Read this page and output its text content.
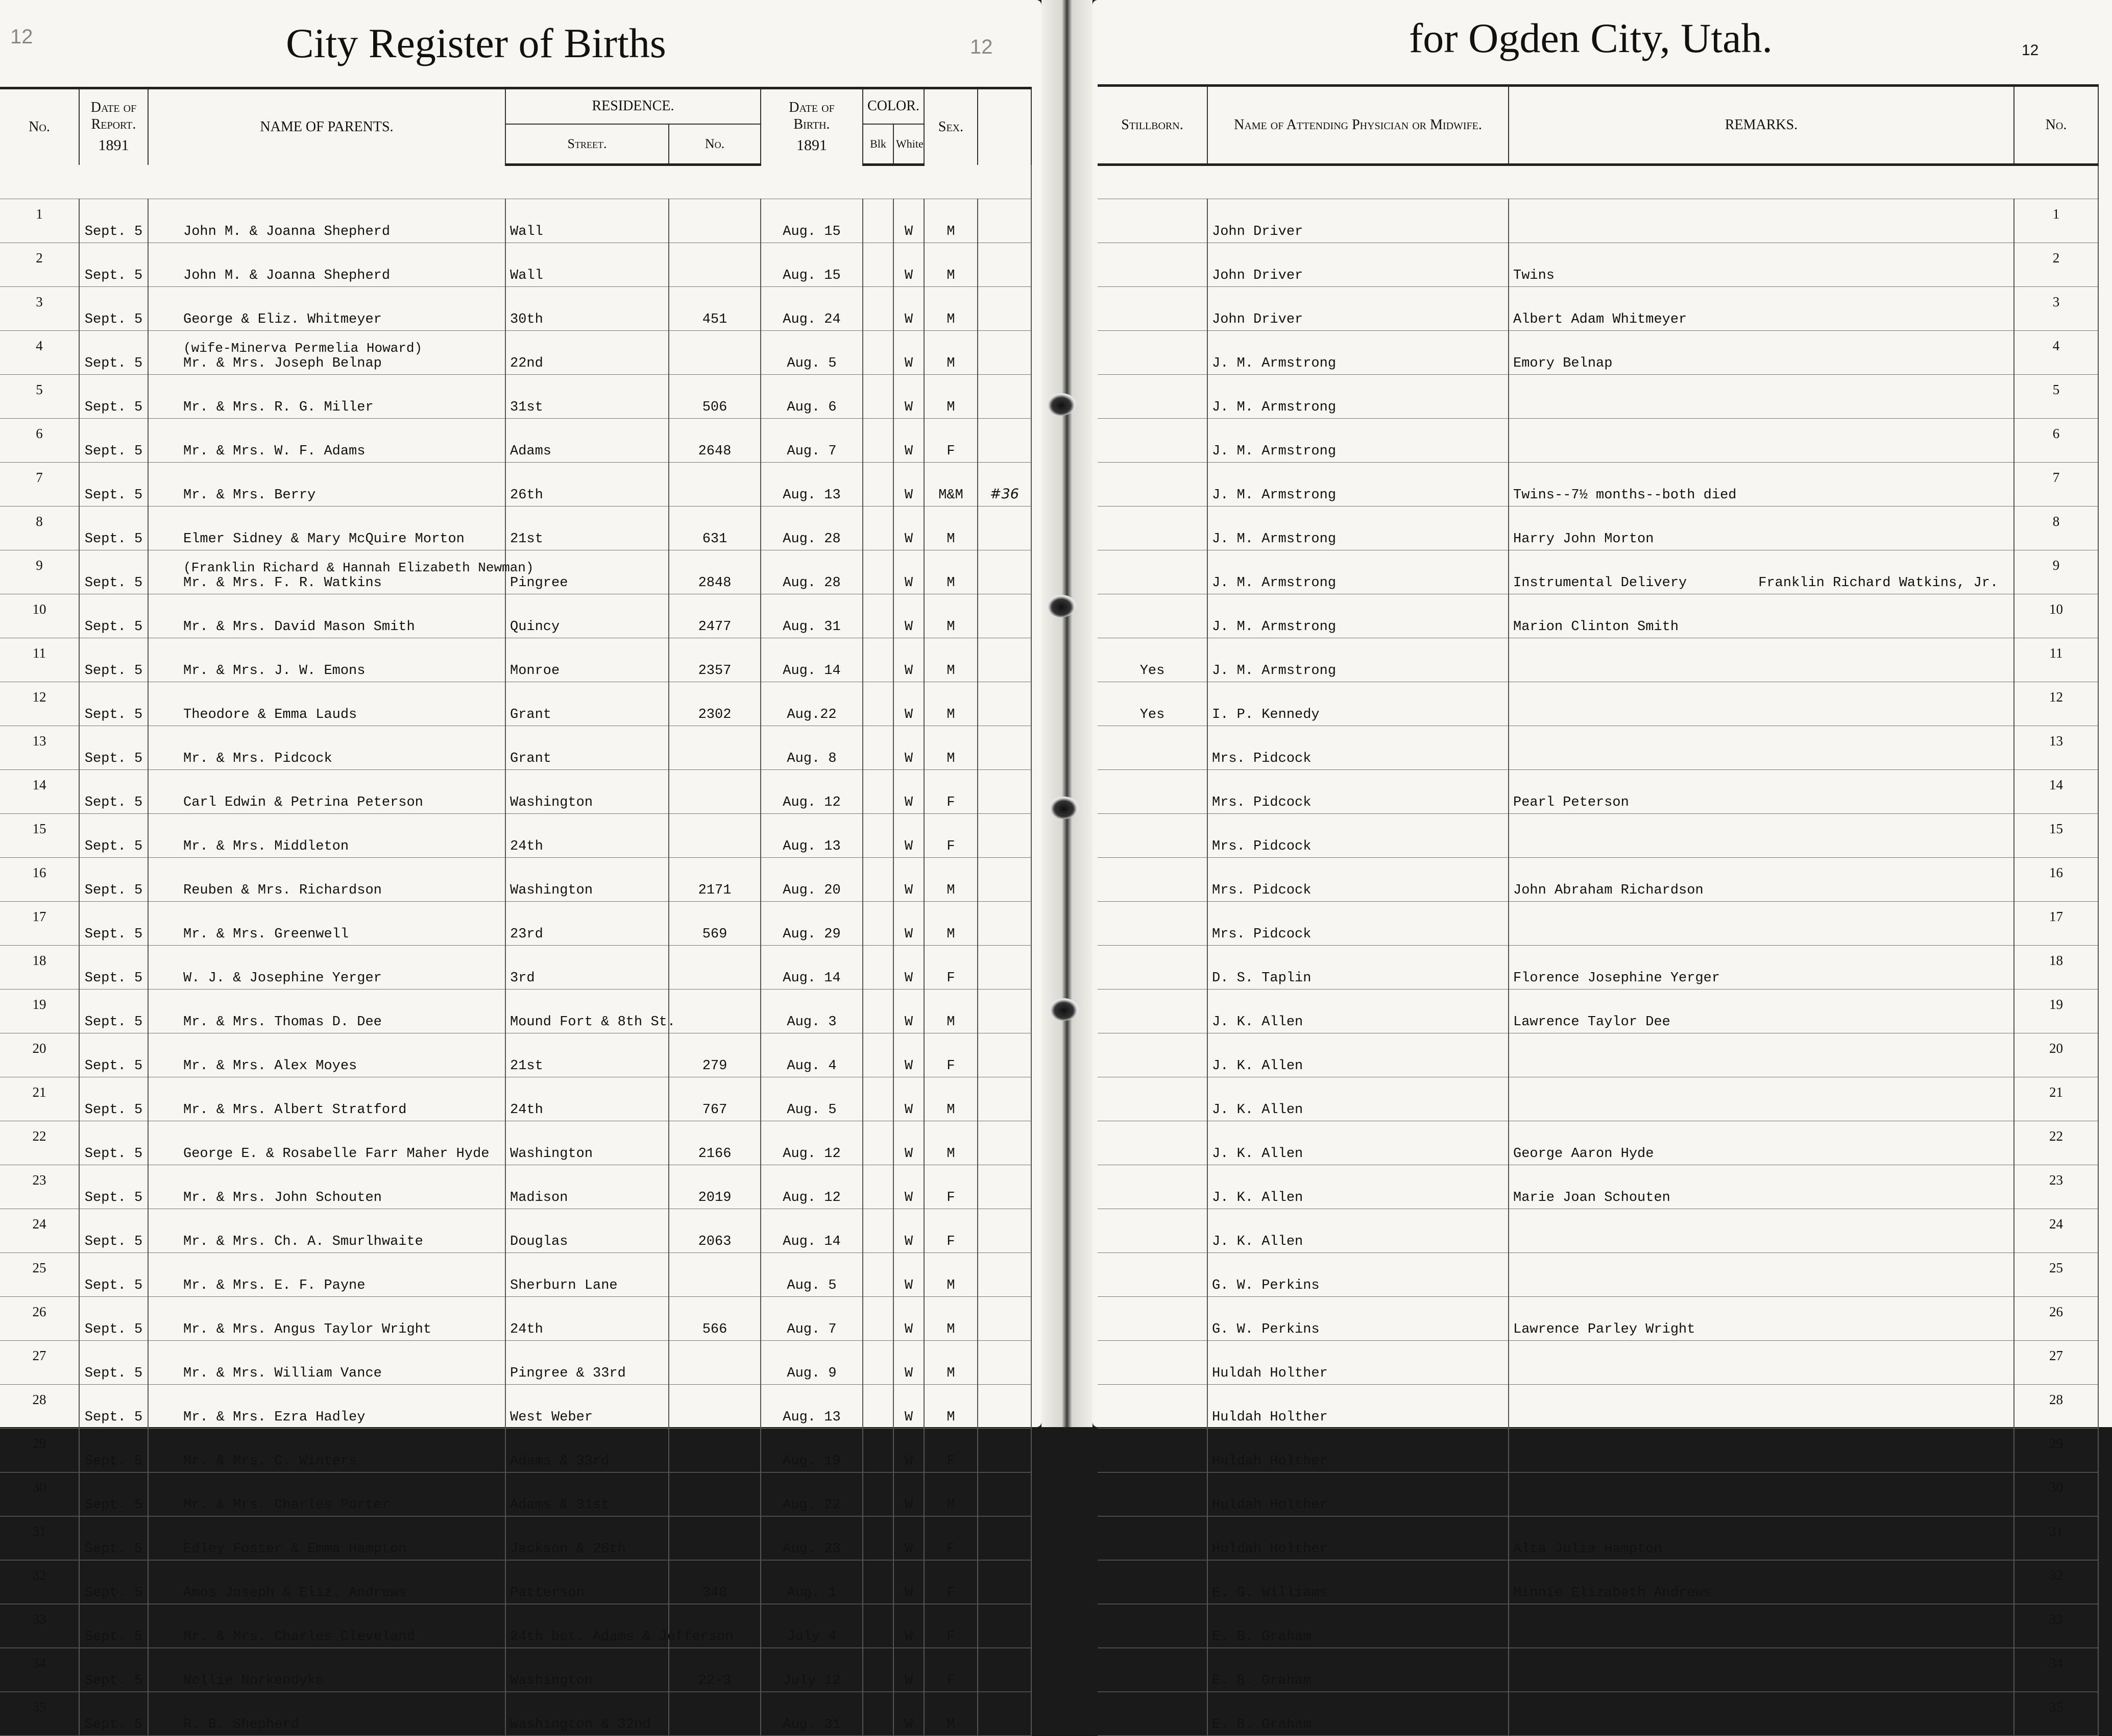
12	12
City Register of Births
No.	Date of Report.
1891	NAME OF PARENTS.	RESIDENCE.		Date of Birth.
1891	COLOR.		Sex.	
			Street.	No.		Blk	White		

1	Sept. 5	John M. & Joanna Shepherd	Wall		Aug. 15		W	M	
2	Sept. 5	John M. & Joanna Shepherd	Wall		Aug. 15		W	M	
3	Sept. 5	George & Eliz. Whitmeyer	30th	451	Aug. 24		W	M	
4	Sept. 5	(wife-Minerva Permelia Howard)
Mr. & Mrs. Joseph Belnap	22nd		Aug. 5		W	M	
5	Sept. 5	Mr. & Mrs. R. G. Miller	31st	506	Aug. 6		W	M	
6	Sept. 5	Mr. & Mrs. W. F. Adams	Adams	2648	Aug. 7		W	F	
7	Sept. 5	Mr. & Mrs. Berry	26th		Aug. 13		W	M&M	#36
8	Sept. 5	Elmer Sidney & Mary McQuire Morton	21st	631	Aug. 28		W	M	
9	Sept. 5	(Franklin Richard & Hannah Elizabeth Newman)
Mr. & Mrs. F. R. Watkins	Pingree	2848	Aug. 28		W	M	
10	Sept. 5	Mr. & Mrs. David Mason Smith	Quincy	2477	Aug. 31		W	M	
11	Sept. 5	Mr. & Mrs. J. W. Emons	Monroe	2357	Aug. 14		W	M	
12	Sept. 5	Theodore & Emma Lauds	Grant	2302	Aug.22		W	M	
13	Sept. 5	Mr. & Mrs. Pidcock	Grant		Aug. 8		W	M	
14	Sept. 5	Carl Edwin & Petrina Peterson	Washington		Aug. 12		W	F	
15	Sept. 5	Mr. & Mrs. Middleton	24th		Aug. 13		W	F	
16	Sept. 5	Reuben & Mrs. Richardson	Washington	2171	Aug. 20		W	M	
17	Sept. 5	Mr. & Mrs. Greenwell	23rd	569	Aug. 29		W	M	
18	Sept. 5	W. J. & Josephine Yerger	3rd		Aug. 14		W	F	
19	Sept. 5	Mr. & Mrs. Thomas D. Dee	Mound Fort & 8th St.		Aug. 3		W	M	
20	Sept. 5	Mr. & Mrs. Alex Moyes	21st	279	Aug. 4		W	F	
21	Sept. 5	Mr. & Mrs. Albert Stratford	24th	767	Aug. 5		W	M	
22	Sept. 5	George E. & Rosabelle Farr Maher Hyde	Washington	2166	Aug. 12		W	M	
23	Sept. 5	Mr. & Mrs. John Schouten	Madison	2019	Aug. 12		W	F	
24	Sept. 5	Mr. & Mrs. Ch. A. Smurlhwaite	Douglas	2063	Aug. 14		W	F	
25	Sept. 5	Mr. & Mrs. E. F. Payne	Sherburn Lane		Aug. 5		W	M	
26	Sept. 5	Mr. & Mrs. Angus Taylor Wright	24th	566	Aug. 7		W	M	
27	Sept. 5	Mr. & Mrs. William Vance	Pingree & 33rd		Aug. 9		W	M	
28	Sept. 5	Mr. & Mrs. Ezra Hadley	West Weber		Aug. 13		W	M	
29	Sept. 5	Mr. & Mrs. C. Winters	Adams & 33rd		Aug. 19		W	F	
30	Sept. 5	Mr. & Mrs. Charles Porter	Adams & 31st		Aug. 22		W	M	
31	Sept. 5	Edley Foster & Emma Hampton	Jackson & 26th		Aug. 23		W	F	
32	Sept. 5	Amos Joseph & Eliz. Andrews	Patterson	348	Aug. 1		W	F	
33	Sept. 5	Mr. & Mrs. Charles Cleveland	24th bet. Adams & Jefferson		July 4		W	F	
34	Sept. 5	Nellie Norkendyke	Washington	22-3	July 12		W	F	
35	Sept. 5	R. B. Shepherd	Washington & 32nd		Aug. 31		W	M	
for Ogden City, Utah.	12
Stillborn.	Name of Attending Physician or Midwife.	REMARKS.	No.

	John Driver		1
	John Driver	Twins	2
	John Driver	Albert Adam Whitmeyer	3
	J. M. Armstrong	Emory Belnap	4
	J. M. Armstrong		5
	J. M. Armstrong		6
	J. M. Armstrong	Twins--7½ months--both died	7
	J. M. Armstrong	Harry John Morton	8
	J. M. Armstrong	Instrumental Delivery Franklin Richard Watkins, Jr.	9
	J. M. Armstrong	Marion Clinton Smith	10
Yes	J. M. Armstrong		11
Yes	I. P. Kennedy		12
	Mrs. Pidcock		13
	Mrs. Pidcock	Pearl Peterson	14
	Mrs. Pidcock		15
	Mrs. Pidcock	John Abraham Richardson	16
	Mrs. Pidcock		17
	D. S. Taplin	Florence Josephine Yerger	18
	J. K. Allen	Lawrence Taylor Dee	19
	J. K. Allen		20
	J. K. Allen		21
	J. K. Allen	George Aaron Hyde	22
	J. K. Allen	Marie Joan Schouten	23
	J. K. Allen		24
	G. W. Perkins		25
	G. W. Perkins	Lawrence Parley Wright	26
	Huldah Holther		27
	Huldah Holther		28
	Huldah Holther		29
	Huldah Holther		30
	Huldah Holther	Alta Julia Hampton	31
	E. G. Williams	Minnie Elizabeth Andrews	32
	E. B. Graham		33
	E. B. Graham		34
	E. B. Graham		35
